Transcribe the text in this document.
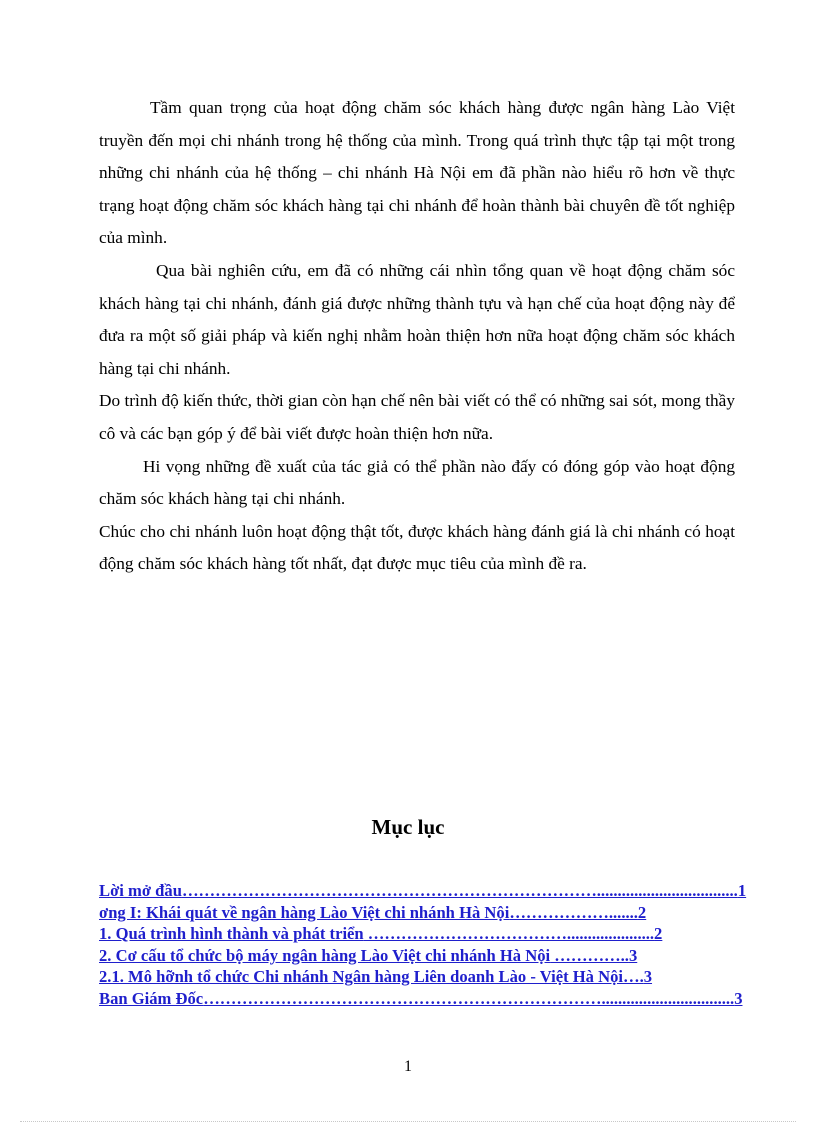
Tầm quan trọng của hoạt động chăm sóc khách hàng được ngân hàng Lào Việt truyền đến mọi chi nhánh trong hệ thống của mình. Trong quá trình thực tập tại một trong những chi nhánh của hệ thống – chi nhánh Hà Nội em đã phần nào hiểu rõ hơn về thực trạng hoạt động chăm sóc khách hàng tại chi nhánh để hoàn thành bài chuyên đề tốt nghiệp của mình.

Qua bài nghiên cứu, em đã có những cái nhìn tổng quan về hoạt động chăm sóc khách hàng tại chi nhánh, đánh giá được những thành tựu và hạn chế của hoạt động này để đưa ra một số giải pháp và kiến nghị nhằm hoàn thiện hơn nữa hoạt động chăm sóc khách hàng tại chi nhánh.

Do trình độ kiến thức, thời gian còn hạn chế nên bài viết có thể có những sai sót, mong thầy cô và các bạn góp ý để bài viết được hoàn thiện hơn nữa.

Hi vọng những đề xuất của tác giả có thể phần nào đấy có đóng góp vào hoạt động chăm sóc khách hàng tại chi nhánh.

Chúc cho chi nhánh luôn hoạt động thật tốt, được khách hàng đánh giá là chi nhánh có hoạt động chăm sóc khách hàng tốt nhất, đạt được mục tiêu của mình đề ra.

Mục lục
Lời mở đầu…………………………………………………………………..................................1
ơng I: Khái quát về ngân hàng Lào Việt chi nhánh Hà Nội……………….......2
1. Quá trình hình thành và phát triển ……………………………….....................2
2. Cơ cấu tổ chức bộ máy ngân hàng Lào Việt chi nhánh Hà Nội …………..3
2.1. Mô hỡnh tổ chức Chi nhánh Ngân hàng Liên doanh Lào - Việt Hà Nội….3
Ban Giám Đốc………………………………………………………………................................3
1
